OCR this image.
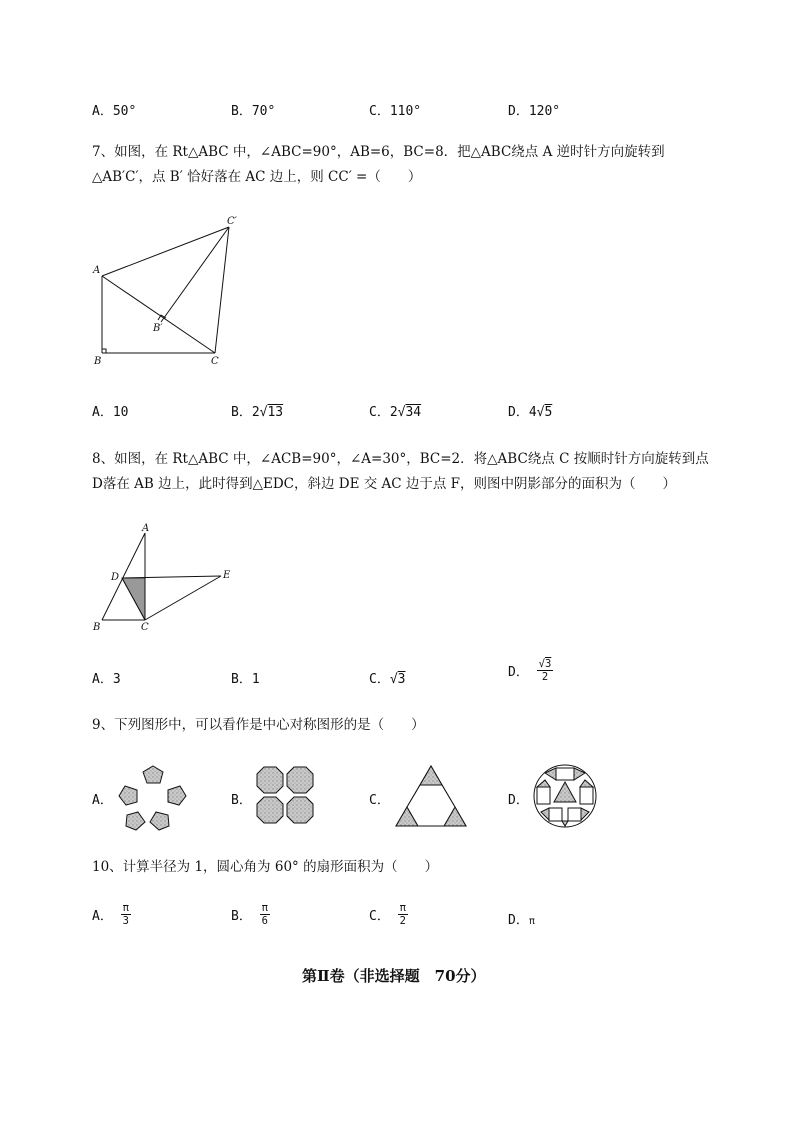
A．50°	B．70°	C．110°	D．120°
7、如图，在 Rt△ABC 中，∠ABC=90°，AB=6，BC=8．把△ABC绕点 A 逆时针方向旋转到
△AB′C′，点 B′ 恰好落在 AC 边上，则 CC′ =（　　）
A
B	C
B′
C′
A．10	B．2√13	C．2√34	D．4√5
8、如图，在 Rt△ABC 中，∠ACB=90°，∠A=30°，BC=2．将△ABC绕点 C 按顺时针方向旋转到点
D落在 AB 边上，此时得到△EDC，斜边 DE 交 AC 边于点 F，则图中阴影部分的面积为（　　）
A
B	C
D	E
A．3	B．1	C．√3	D． $\frac{√3}{2}$
9、下列图形中，可以看作是中心对称图形的是（　　）
A．	B．	C．	D．
10、计算半径为 1，圆心角为 60° 的扇形面积为（　　）
A． $\frac{\pi}{3}$	B． $\frac{\pi}{6}$	C． $\frac{\pi}{2}$	D．π
第Ⅱ卷（非选择题　70分）
